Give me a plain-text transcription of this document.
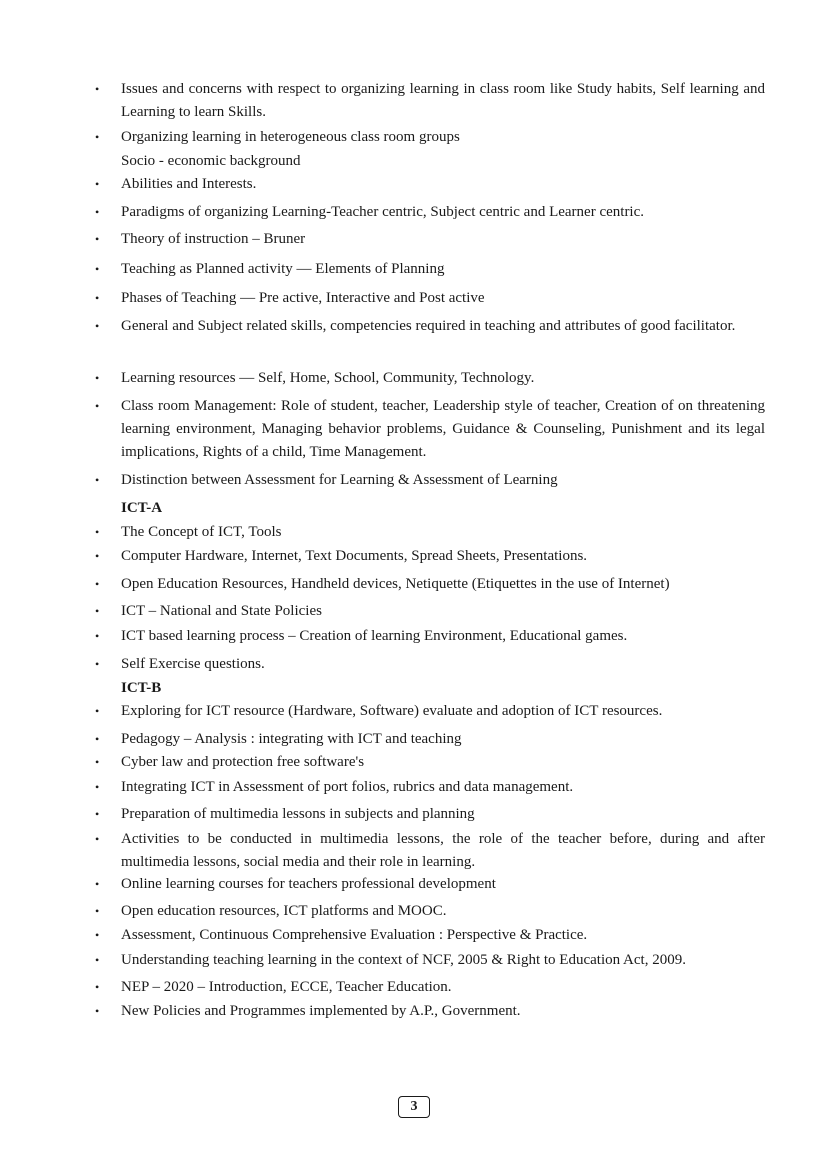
•	Issues and concerns with respect to organizing learning in class room like Study habits, Self learning and Learning to learn Skills.
•	Organizing learning in heterogeneous class room groups
Socio - economic background
•	Abilities and Interests.
•	Paradigms of organizing Learning-Teacher centric, Subject centric and Learner centric.
•	Theory of instruction – Bruner
•	Teaching as Planned activity — Elements of Planning
•	Phases of Teaching — Pre active, Interactive and Post active
•	General and Subject related skills, competencies required in teaching and attributes of good facilitator.
•	Learning resources — Self, Home, School, Community, Technology.
•	Class room Management: Role of student, teacher, Leadership style of teacher, Creation of on threatening learning environment, Managing behavior problems, Guidance & Counseling, Punishment and its legal implications, Rights of a child, Time Management.
•	Distinction between Assessment for Learning & Assessment of Learning
ICT-A
•	The Concept of ICT, Tools
•	Computer Hardware, Internet, Text Documents, Spread Sheets, Presentations.
•	Open Education Resources, Handheld devices, Netiquette (Etiquettes in the use of Internet)
•	ICT – National and State Policies
•	ICT based learning process – Creation of learning Environment, Educational games.
•	Self Exercise questions.
ICT-B
•	Exploring for ICT resource (Hardware, Software) evaluate and adoption of ICT resources.
•	Pedagogy – Analysis : integrating with ICT and teaching
•	Cyber law and protection free software's
•	Integrating ICT in Assessment of port folios, rubrics and data management.
•	Preparation of multimedia lessons in subjects and planning
•	Activities to be conducted in multimedia lessons, the role of the teacher before, during and after multimedia lessons, social media and their role in learning.
•	Online learning courses for teachers professional development
•	Open education resources, ICT platforms and MOOC.
•	Assessment, Continuous Comprehensive Evaluation : Perspective & Practice.
•	Understanding teaching learning in the context of NCF, 2005 & Right to Education Act, 2009.
•	NEP – 2020 – Introduction, ECCE, Teacher Education.
•	New Policies and Programmes implemented by A.P., Government.
3
